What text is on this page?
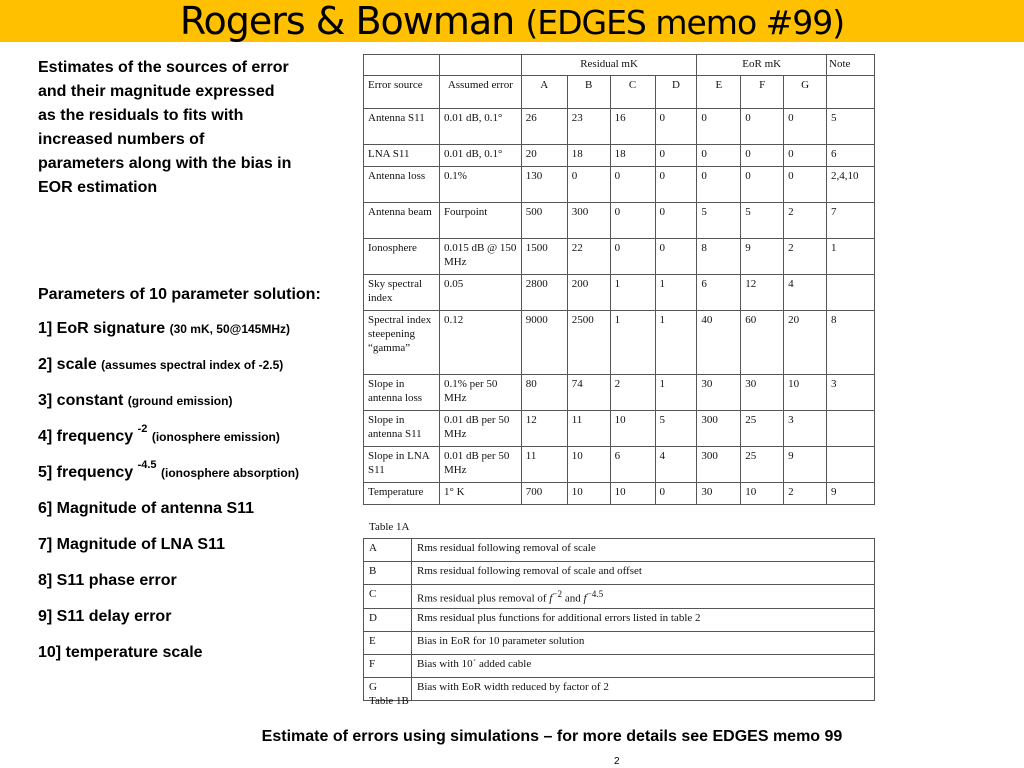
Rogers & Bowman (EDGES memo #99)

Estimates of the sources of error and their magnitude expressed as the residuals to fits with increased numbers of parameters along with the bias in EOR estimation

Parameters of 10 parameter solution:
1] EoR signature (30 mK, 50@145MHz)
2] scale (assumes spectral index of -2.5)
3] constant (ground emission)
4] frequency $^{-2}$ (ionosphere emission)
5] frequency $^{-4.5}$ (ionosphere absorption)
6] Magnitude of antenna S11
7] Magnitude of LNA S11
8] S11 phase error
9] S11 delay error
10] temperature scale
		Residual mK				EoR mK			Note
Error source	Assumed error	A	B	C	D	E	F	G	
Antenna S11	0.01 dB, 0.1°	26	23	16	0	0	0	0	5
LNA S11	0.01 dB, 0.1°	20	18	18	0	0	0	0	6
Antenna loss	0.1%	130	0	0	0	0	0	0	2,4,10
Antenna beam	Fourpoint	500	300	0	0	5	5	2	7
Ionosphere	0.015 dB @ 150 MHz	1500	22	0	0	8	9	2	1
Sky spectral index	0.05	2800	200	1	1	6	12	4	
Spectral index steepening “gamma”	0.12	9000	2500	1	1	40	60	20	8
Slope in antenna loss	0.1% per 50 MHz	80	74	2	1	30	30	10	3
Slope in antenna S11	0.01 dB per 50 MHz	12	11	10	5	300	25	3	
Slope in LNA S11	0.01 dB per 50 MHz	11	10	6	4	300	25	9	
Temperature	1° K	700	10	10	0	30	10	2	9
Table 1A
A	Rms residual following removal of scale
B	Rms residual following removal of scale and offset
C	Rms residual plus removal of $f^{-2}$ and $f^{-4.5}$
D	Rms residual plus functions for additional errors listed in table 2
E	Bias in EoR for 10 parameter solution
F	Bias with 10´ added cable
G	Bias with EoR width reduced by factor of 2
Table 1B
Estimate of errors using simulations – for more details see EDGES memo 99
2
